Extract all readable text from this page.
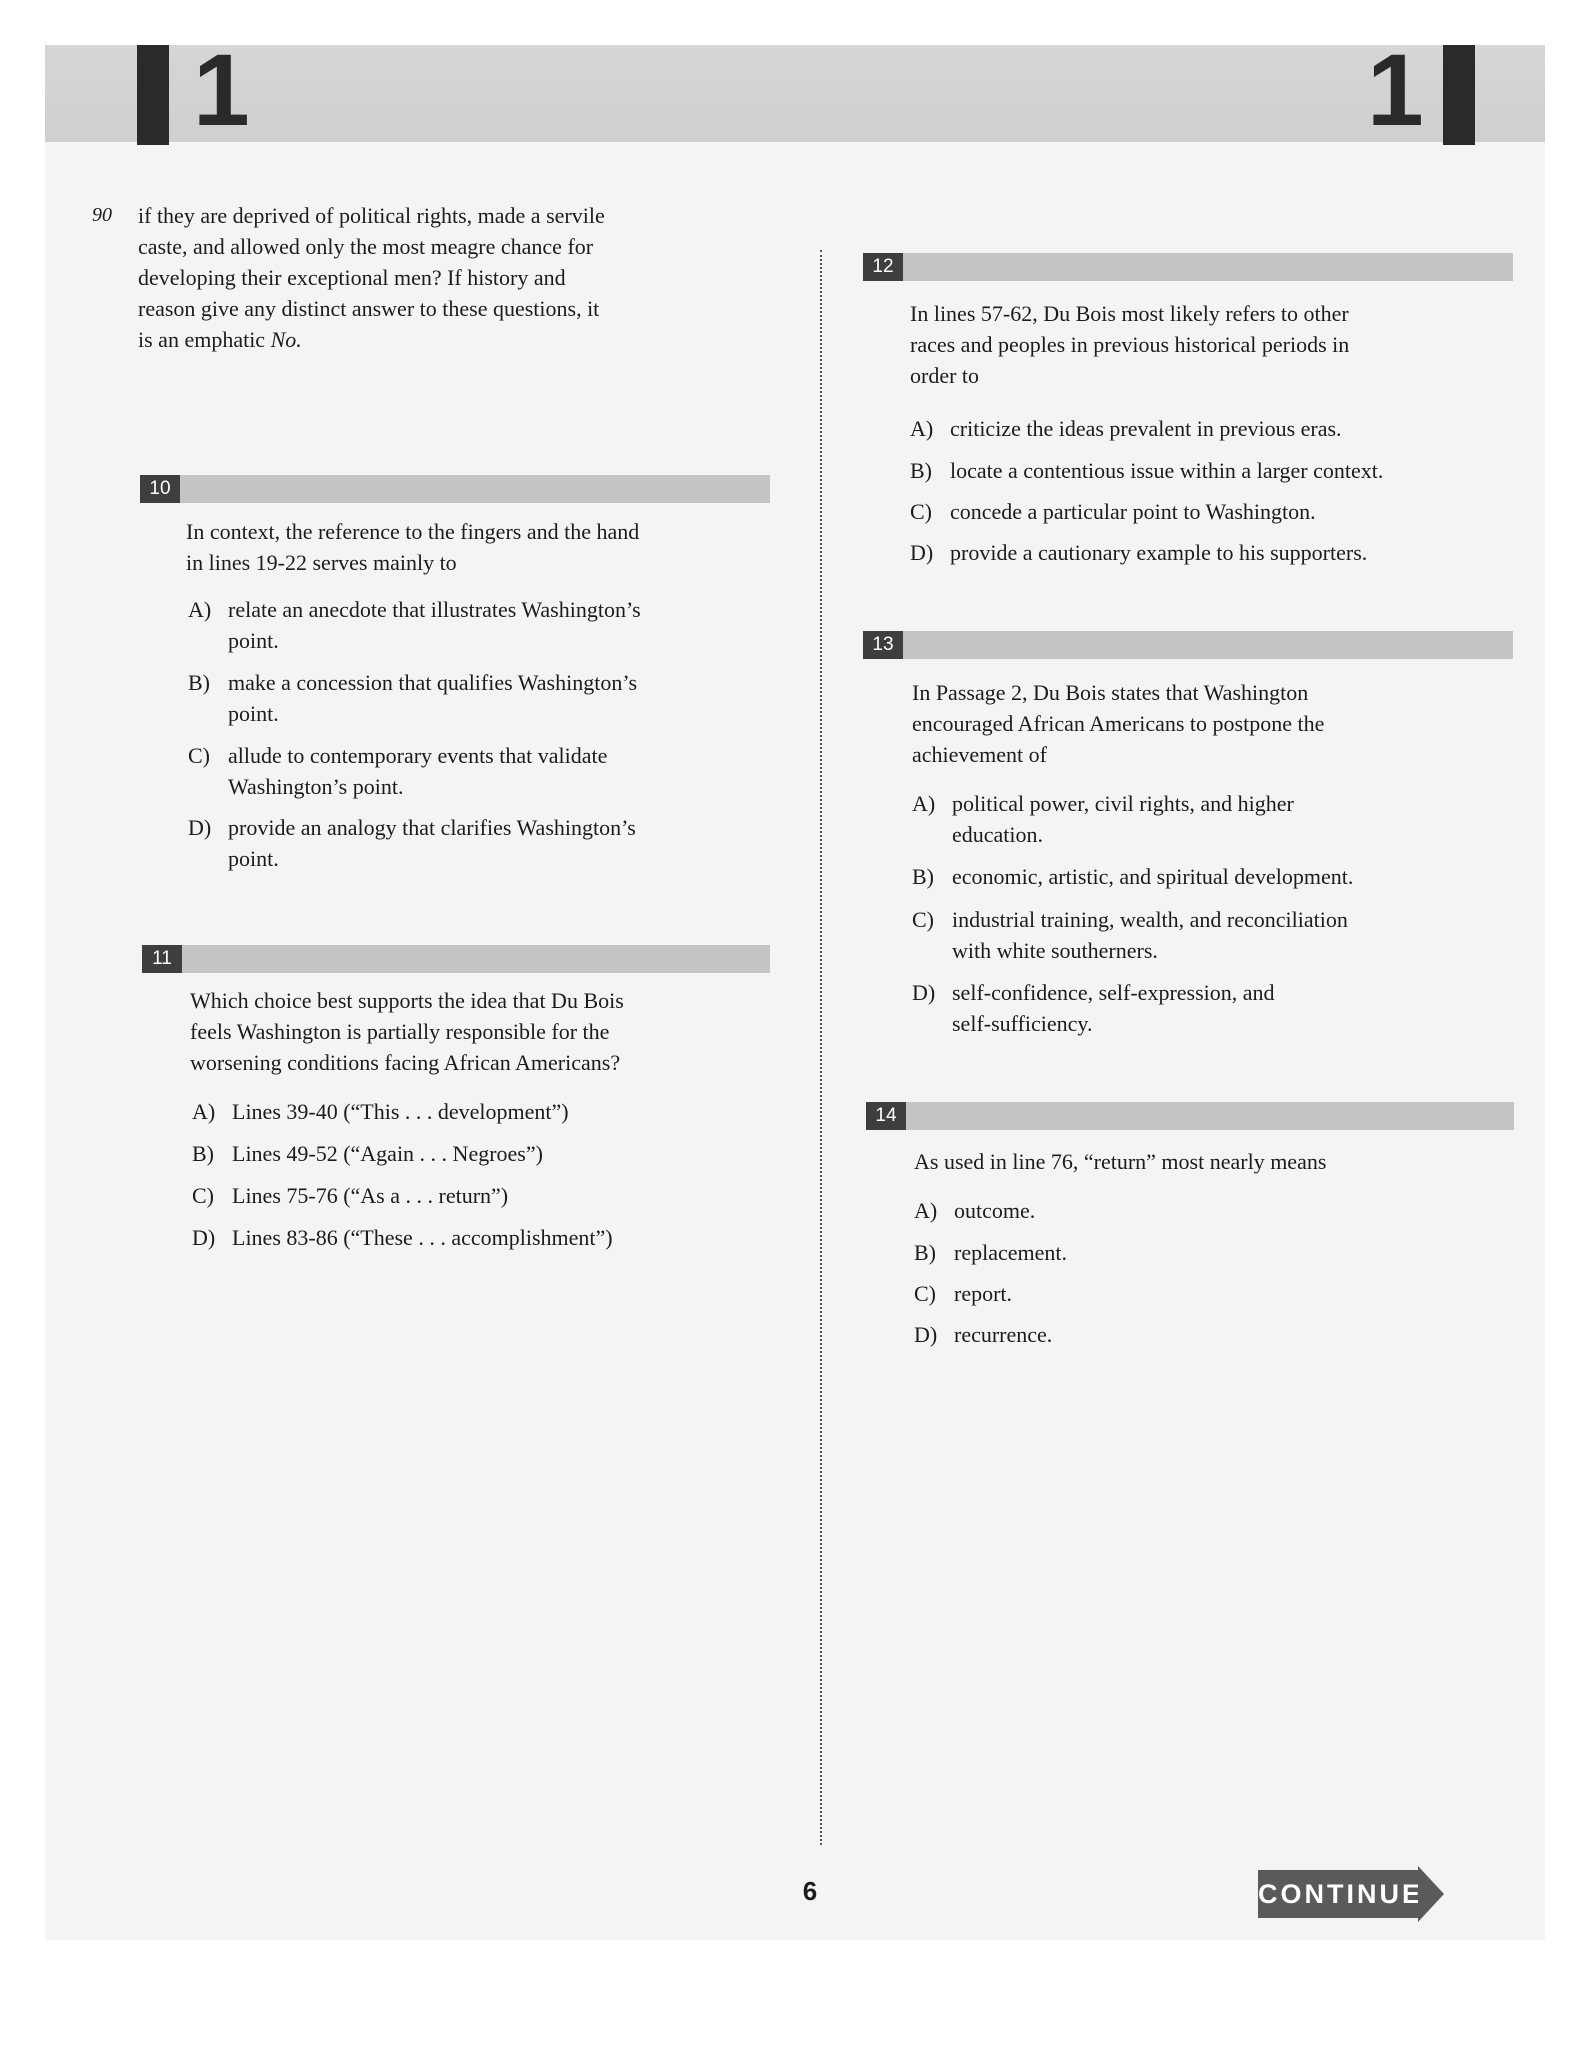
1	1
90 if they are deprived of political rights, made a servile
caste, and allowed only the most meagre chance for
developing their exceptional men? If history and
reason give any distinct answer to these questions, it
is an emphatic No.
10
In context, the reference to the fingers and the hand
in lines 19-22 serves mainly to
A) relate an anecdote that illustrates Washington’s
point.
B) make a concession that qualifies Washington’s
point.
C) allude to contemporary events that validate
Washington’s point.
D) provide an analogy that clarifies Washington’s
point.
11
Which choice best supports the idea that Du Bois
feels Washington is partially responsible for the
worsening conditions facing African Americans?
A) Lines 39-40 (“This . . . development”)
B) Lines 49-52 (“Again . . . Negroes”)
C) Lines 75-76 (“As a . . . return”)
D) Lines 83-86 (“These . . . accomplishment”)
12
In lines 57-62, Du Bois most likely refers to other
races and peoples in previous historical periods in
order to
A) criticize the ideas prevalent in previous eras.
B) locate a contentious issue within a larger context.
C) concede a particular point to Washington.
D) provide a cautionary example to his supporters.
13
In Passage 2, Du Bois states that Washington
encouraged African Americans to postpone the
achievement of
A) political power, civil rights, and higher
education.
B) economic, artistic, and spiritual development.
C) industrial training, wealth, and reconciliation
with white southerners.
D) self-confidence, self-expression, and
self-sufficiency.
14
As used in line 76, “return” most nearly means
A) outcome.
B) replacement.
C) report.
D) recurrence.
6	CONTINUE
